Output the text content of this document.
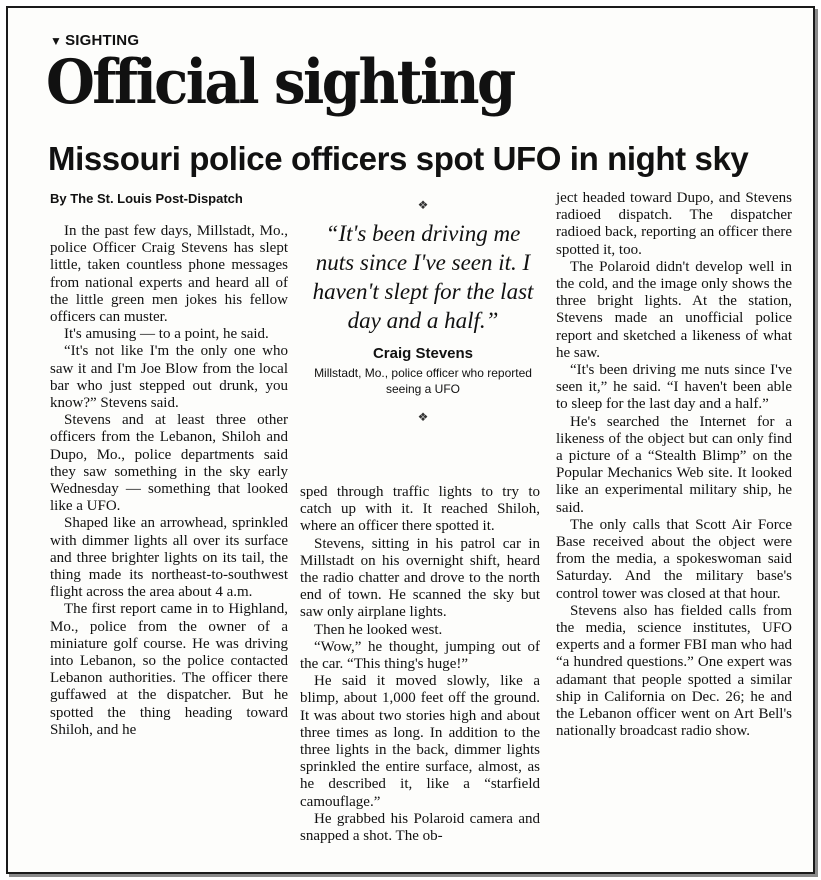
▼ SIGHTING
Official sighting
Missouri police officers spot UFO in night sky
By The St. Louis Post-Dispatch

In the past few days, Millstadt, Mo., police Officer Craig Stevens has slept little, taken countless phone messages from national experts and heard all of the little green men jokes his fellow officers can muster.

It's amusing — to a point, he said.

“It's not like I'm the only one who saw it and I'm Joe Blow from the local bar who just stepped out drunk, you know?” Stevens said.

Stevens and at least three other officers from the Lebanon, Shiloh and Dupo, Mo., police departments said they saw something in the sky early Wednesday — something that looked like a UFO.

Shaped like an arrowhead, sprinkled with dimmer lights all over its surface and three brighter lights on its tail, the thing made its northeast-to-southwest flight across the area about 4 a.m.

The first report came in to Highland, Mo., police from the owner of a miniature golf course. He was driving into Lebanon, so the police contacted Lebanon authorities. The officer there guffawed at the dispatcher. But he spotted the thing heading toward Shiloh, and he

❖
“It's been driving me nuts since I've seen it. I haven't slept for the last day and a half.”
Craig Stevens
Millstadt, Mo., police officer who reported seeing a UFO
❖

sped through traffic lights to try to catch up with it. It reached Shiloh, where an officer there spotted it.

Stevens, sitting in his patrol car in Millstadt on his overnight shift, heard the radio chatter and drove to the north end of town. He scanned the sky but saw only airplane lights.

Then he looked west.

“Wow,” he thought, jumping out of the car. “This thing's huge!”

He said it moved slowly, like a blimp, about 1,000 feet off the ground. It was about two stories high and about three times as long. In addition to the three lights in the back, dimmer lights sprinkled the entire surface, almost, as he described it, like a “starfield camouflage.”

He grabbed his Polaroid camera and snapped a shot. The ob-

ject headed toward Dupo, and Stevens radioed dispatch. The dispatcher radioed back, reporting an officer there spotted it, too.

The Polaroid didn't develop well in the cold, and the image only shows the three bright lights. At the station, Stevens made an unofficial police report and sketched a likeness of what he saw.

“It's been driving me nuts since I've seen it,” he said. “I haven't been able to sleep for the last day and a half.”

He's searched the Internet for a likeness of the object but can only find a picture of a “Stealth Blimp” on the Popular Mechanics Web site. It looked like an experimental military ship, he said.

The only calls that Scott Air Force Base received about the object were from the media, a spokeswoman said Saturday. And the military base's control tower was closed at that hour.

Stevens also has fielded calls from the media, science institutes, UFO experts and a former FBI man who had “a hundred questions.” One expert was adamant that people spotted a similar ship in California on Dec. 26; he and the Lebanon officer went on Art Bell's nationally broadcast radio show.
